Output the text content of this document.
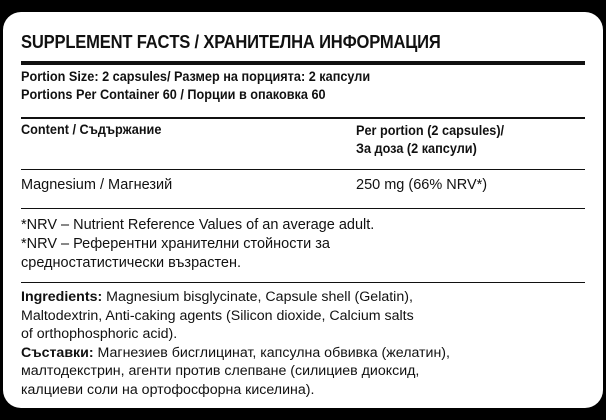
SUPPLEMENT FACTS / ХРАНИТЕЛНА ИНФОРМАЦИЯ
Portion Size: 2 capsules/ Размер на порцията: 2 капсули
Portions Per Container 60 / Порции в опаковка 60
Content / Съдържание	Per portion (2 capsules)/
За доза (2 капсули)
Magnesium / Магнезий	250 mg (66% NRV*)
*NRV – Nutrient Reference Values of an average adult.
*NRV – Референтни хранителни стойности за
средностатистически възрастен.
Ingredients: Magnesium bisglycinate, Capsule shell (Gelatin),
Maltodextrin, Anti-caking agents (Silicon dioxide, Calcium salts
of orthophosphoric acid).
Съставки: Магнезиев бисглицинат, капсулна обвивка (желатин),
малтодекстрин, агенти против слепване (силициев диоксид,
калциеви соли на ортофосфорна киселина).
